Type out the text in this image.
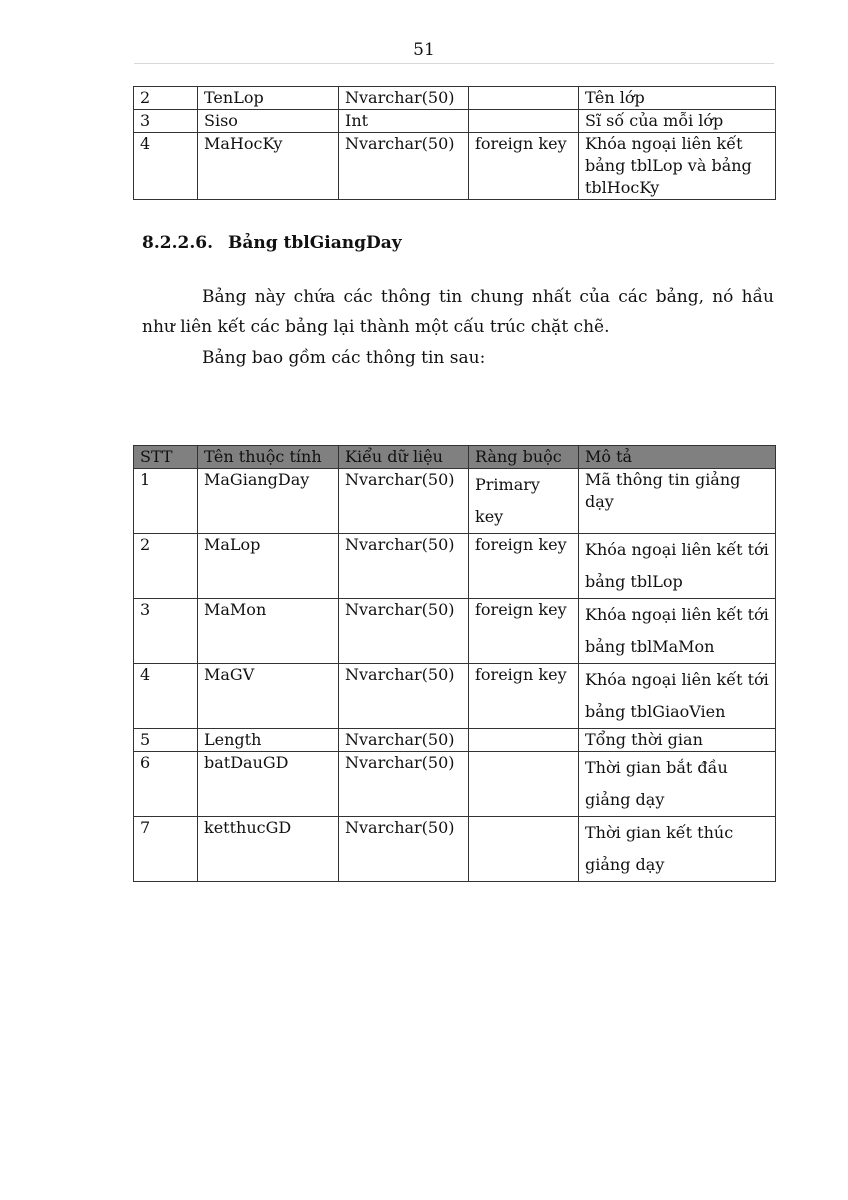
51
2	TenLop	Nvarchar(50)		Tên lớp
3	Siso	Int		Sĩ số của mỗi lớp
4	MaHocKy	Nvarchar(50)	foreign key	Khóa ngoại liên kết bảng tblLop và bảng tblHocKy
8.2.2.6. Bảng tblGiangDay
Bảng này chứa các thông tin chung nhất của các bảng, nó hầu như liên kết các bảng lại thành một cấu trúc chặt chẽ.
Bảng bao gồm các thông tin sau:
STT	Tên thuộc tính	Kiểu dữ liệu	Ràng buộc	Mô tả
1	MaGiangDay	Nvarchar(50)	Primary key	Mã thông tin giảng dạy
2	MaLop	Nvarchar(50)	foreign key	Khóa ngoại liên kết tới bảng tblLop
3	MaMon	Nvarchar(50)	foreign key	Khóa ngoại liên kết tới bảng tblMaMon
4	MaGV	Nvarchar(50)	foreign key	Khóa ngoại liên kết tới bảng tblGiaoVien
5	Length	Nvarchar(50)		Tổng thời gian
6	batDauGD	Nvarchar(50)		Thời gian bắt đầu giảng dạy
7	ketthucGD	Nvarchar(50)		Thời gian kết thúc giảng dạy
